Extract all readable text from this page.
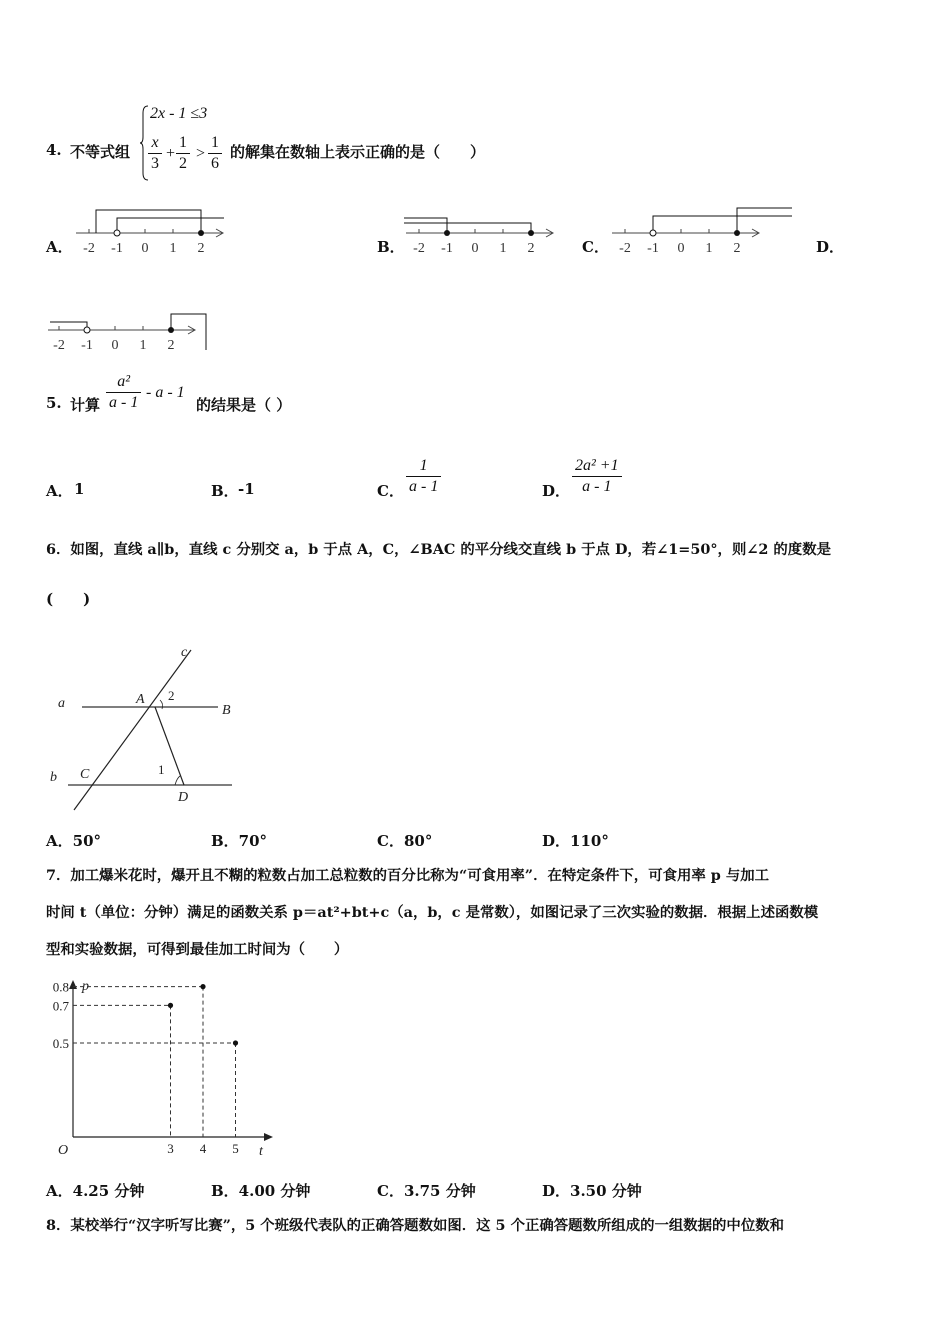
4. 不等式组
2x - 1 ≤3
$\frac{x}{3} + \frac{1}{2} > \frac{1}{6}$ 的解集在数轴上表示正确的是（　　）
A．	B．	C．	D．
-2 -1 0 1 2	-2 -1 0 1 2	-2 -1 0 1 2
-2 -1 0 1 2
5. 计算 $\frac{\text{a²}}{a - 1}$ - a - 1
的结果是（ ）
A． 1	B． -1	C． $\frac{1}{a - 1}$	D． $\frac{\text{2a² +1}}{a - 1}$
6．如图，直线 a∥b，直线 c 分别交 a，b 于点 A，C，∠BAC 的平分线交直线 b 于点 D，若∠1=50°，则∠2 的度数是
(　　)
c
a	A
B
b C
D
2
1
A．50°	B．70°	C．80°	D．110°
7．加工爆米花时，爆开且不糊的粒数占加工总粒数的百分比称为“可食用率”．在特定条件下，可食用率 p 与加工
时间 t（单位：分钟）满足的函数关系 p＝at²+bt+c（a，b，c 是常数），如图记录了三次实验的数据．根据上述函数模
型和实验数据，可得到最佳加工时间为（　　）
p
t
O	3 4 5
0.8
0.7
0.5
A．4.25 分钟	B．4.00 分钟	C．3.75 分钟	D．3.50 分钟
8．某校举行“汉字听写比赛”，5 个班级代表队的正确答题数如图．这 5 个正确答题数所组成的一组数据的中位数和
